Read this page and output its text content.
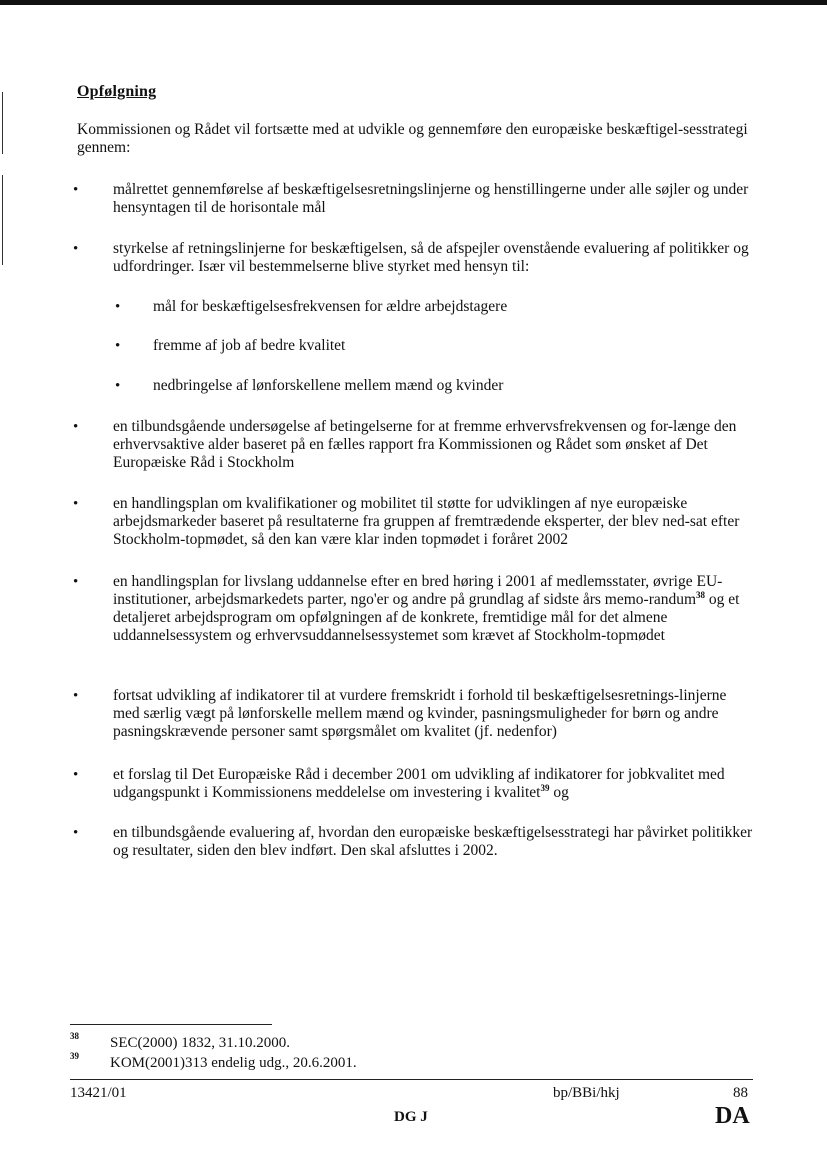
Opfølgning
Kommissionen og Rådet vil fortsætte med at udvikle og gennemføre den europæiske beskæftigel-sesstrategi gennem:
• målrettet gennemførelse af beskæftigelsesretningslinjerne og henstillingerne under alle søjler og under hensyntagen til de horisontale mål
• styrkelse af retningslinjerne for beskæftigelsen, så de afspejler ovenstående evaluering af politikker og udfordringer. Især vil bestemmelserne blive styrket med hensyn til:
• mål for beskæftigelsesfrekvensen for ældre arbejdstagere
• fremme af job af bedre kvalitet
• nedbringelse af lønforskellene mellem mænd og kvinder
• en tilbundsgående undersøgelse af betingelserne for at fremme erhvervsfrekvensen og for-længe den erhvervsaktive alder baseret på en fælles rapport fra Kommissionen og Rådet som ønsket af Det Europæiske Råd i Stockholm
• en handlingsplan om kvalifikationer og mobilitet til støtte for udviklingen af nye europæiske arbejdsmarkeder baseret på resultaterne fra gruppen af fremtrædende eksperter, der blev ned-sat efter Stockholm-topmødet, så den kan være klar inden topmødet i foråret 2002
• en handlingsplan for livslang uddannelse efter en bred høring i 2001 af medlemsstater, øvrige EU-institutioner, arbejdsmarkedets parter, ngo'er og andre på grundlag af sidste års memo-randum$^{38}$ og et detaljeret arbejdsprogram om opfølgningen af de konkrete, fremtidige mål for det almene uddannelsessystem og erhvervsuddannelsessystemet som krævet af Stockholm-topmødet
• fortsat udvikling af indikatorer til at vurdere fremskridt i forhold til beskæftigelsesretnings-linjerne med særlig vægt på lønforskelle mellem mænd og kvinder, pasningsmuligheder for børn og andre pasningskrævende personer samt spørgsmålet om kvalitet (jf. nedenfor)
• et forslag til Det Europæiske Råd i december 2001 om udvikling af indikatorer for jobkvalitet med udgangspunkt i Kommissionens meddelelse om investering i kvalitet$^{39}$ og
• en tilbundsgående evaluering af, hvordan den europæiske beskæftigelsesstrategi har påvirket politikker og resultater, siden den blev indført. Den skal afsluttes i 2002.
38 SEC(2000) 1832, 31.10.2000.
39 KOM(2001)313 endelig udg., 20.6.2001.
13421/01	bp/BBi/hkj	88
DG J	DA
